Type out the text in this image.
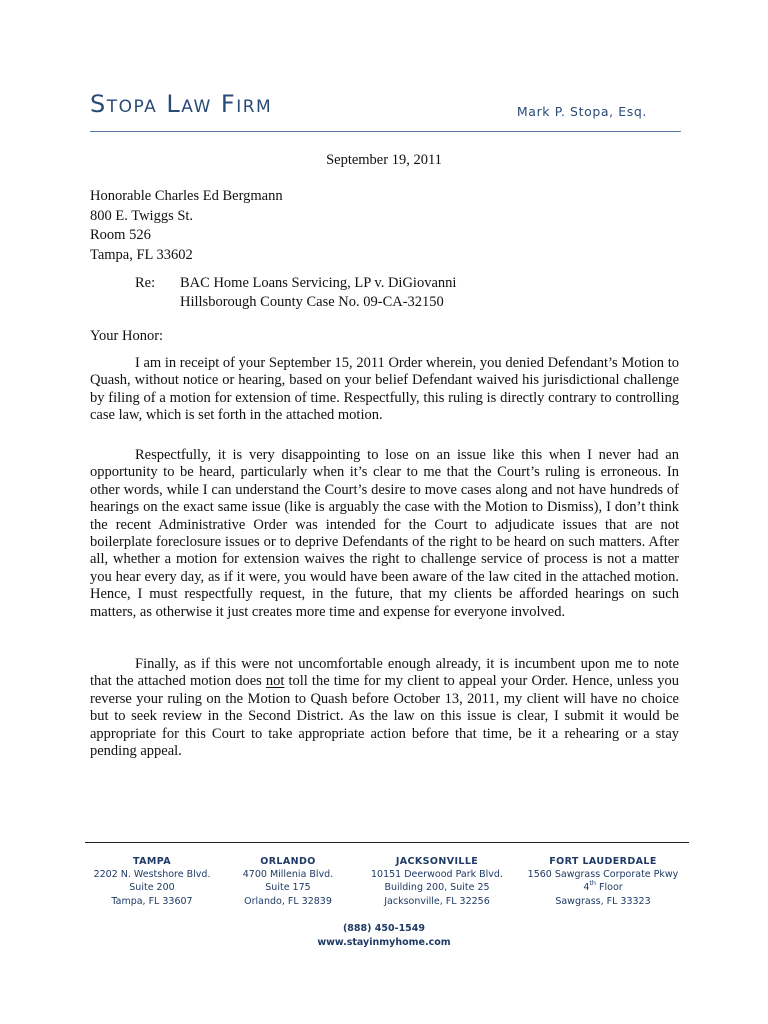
Stopa Law Firm	Mark P. Stopa, Esq.
September 19, 2011
Honorable Charles Ed Bergmann
800 E. Twiggs St.
Room 526
Tampa, FL 33602
Re: BAC Home Loans Servicing, LP v. DiGiovanni
Hillsborough County Case No. 09-CA-32150
Your Honor:
I am in receipt of your September 15, 2011 Order wherein, you denied Defendant’s Motion to Quash, without notice or hearing, based on your belief Defendant waived his jurisdictional challenge by filing of a motion for extension of time. Respectfully, this ruling is directly contrary to controlling case law, which is set forth in the attached motion.
Respectfully, it is very disappointing to lose on an issue like this when I never had an opportunity to be heard, particularly when it’s clear to me that the Court’s ruling is erroneous. In other words, while I can understand the Court’s desire to move cases along and not have hundreds of hearings on the exact same issue (like is arguably the case with the Motion to Dismiss), I don’t think the recent Administrative Order was intended for the Court to adjudicate issues that are not boilerplate foreclosure issues or to deprive Defendants of the right to be heard on such matters. After all, whether a motion for extension waives the right to challenge service of process is not a matter you hear every day, as if it were, you would have been aware of the law cited in the attached motion. Hence, I must respectfully request, in the future, that my clients be afforded hearings on such matters, as otherwise it just creates more time and expense for everyone involved.
Finally, as if this were not uncomfortable enough already, it is incumbent upon me to note that the attached motion does not toll the time for my client to appeal your Order. Hence, unless you reverse your ruling on the Motion to Quash before October 13, 2011, my client will have no choice but to seek review in the Second District. As the law on this issue is clear, I submit it would be appropriate for this Court to take appropriate action before that time, be it a rehearing or a stay pending appeal.
TAMPA
2202 N. Westshore Blvd.
Suite 200
Tampa, FL 33607
ORLANDO
4700 Millenia Blvd.
Suite 175
Orlando, FL 32839
JACKSONVILLE
10151 Deerwood Park Blvd.
Building 200, Suite 25
Jacksonville, FL 32256
FORT LAUDERDALE
1560 Sawgrass Corporate Pkwy
4th Floor
Sawgrass, FL 33323
(888) 450-1549
www.stayinmyhome.com
